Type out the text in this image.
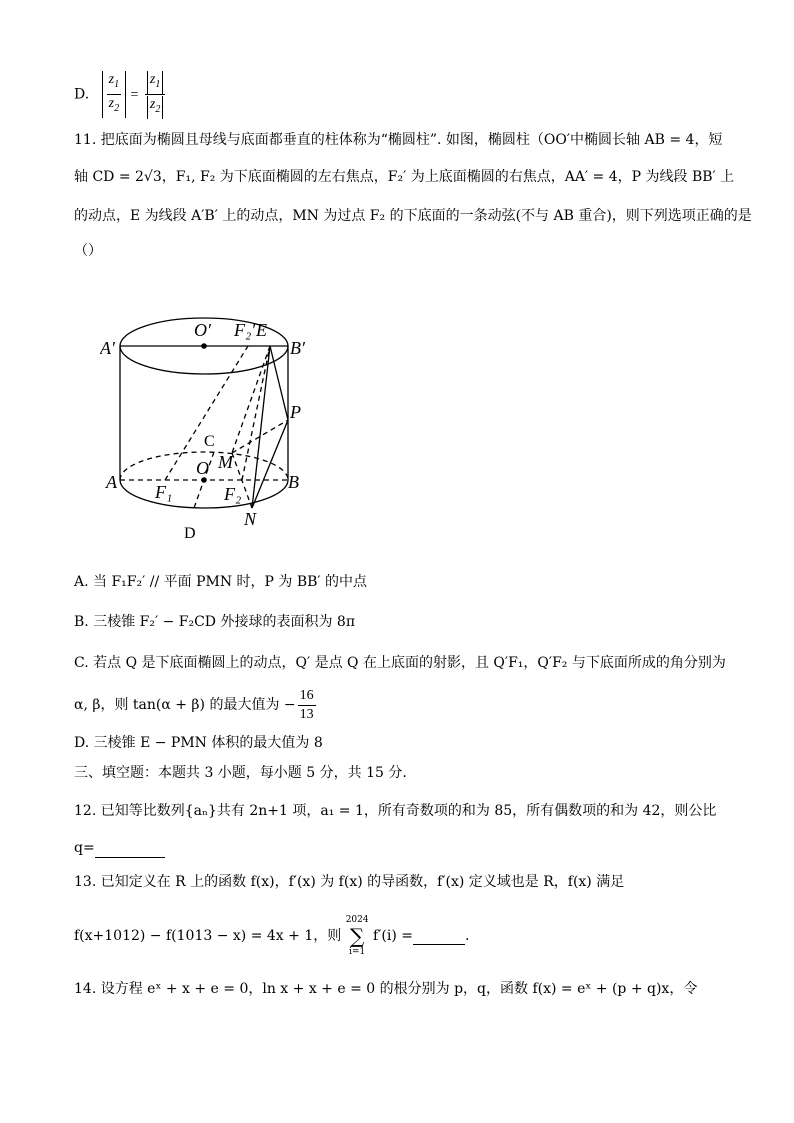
D. $\frac{z_1}{z_2} = \frac{z_1}{z_2}$
11. 把底面为椭圆且母线与底面都垂直的柱体称为“椭圆柱”. 如图，椭圆柱（OO′中椭圆长轴 AB = 4，短
轴 CD = 2√3，F₁, F₂ 为下底面椭圆的左右焦点，F₂′ 为上底面椭圆的右焦点，AA′ = 4，P 为线段 BB′ 上
的动点，E 为线段 A′B′ 上的动点，MN 为过点 F₂ 的下底面的一条动弦(不与 AB 重合)，则下列选项正确的是
（）
A′
O′ F₂′ E
B′
P
C
O M
A F₁	F₂
B
N
D
A. 当 F₁F₂′ // 平面 PMN 时，P 为 BB′ 的中点
B. 三棱锥 F₂′ − F₂CD 外接球的表面积为 8π
C. 若点 Q 是下底面椭圆上的动点，Q′ 是点 Q 在上底面的射影，且 Q′F₁，Q′F₂ 与下底面所成的角分别为
α, β，则 tan(α + β) 的最大值为 − $\frac{16}{13}$
D. 三棱锥 E − PMN 体积的最大值为 8
三、填空题：本题共 3 小题，每小题 5 分，共 15 分.
12. 已知等比数列{aₙ}共有 2n+1 项，a₁ = 1，所有奇数项的和为 85，所有偶数项的和为 42，则公比
q=
13. 已知定义在 R 上的函数 f(x)，f′(x) 为 f(x) 的导函数，f′(x) 定义域也是 R，f(x) 满足
f(x+1012) − f(1013 − x) = 4x + 1，则
2024
∑
i=1
f′(i) =	.
14. 设方程 eˣ + x + e = 0，ln x + x + e = 0 的根分别为 p，q，函数 f(x) = eˣ + (p + q)x，令
